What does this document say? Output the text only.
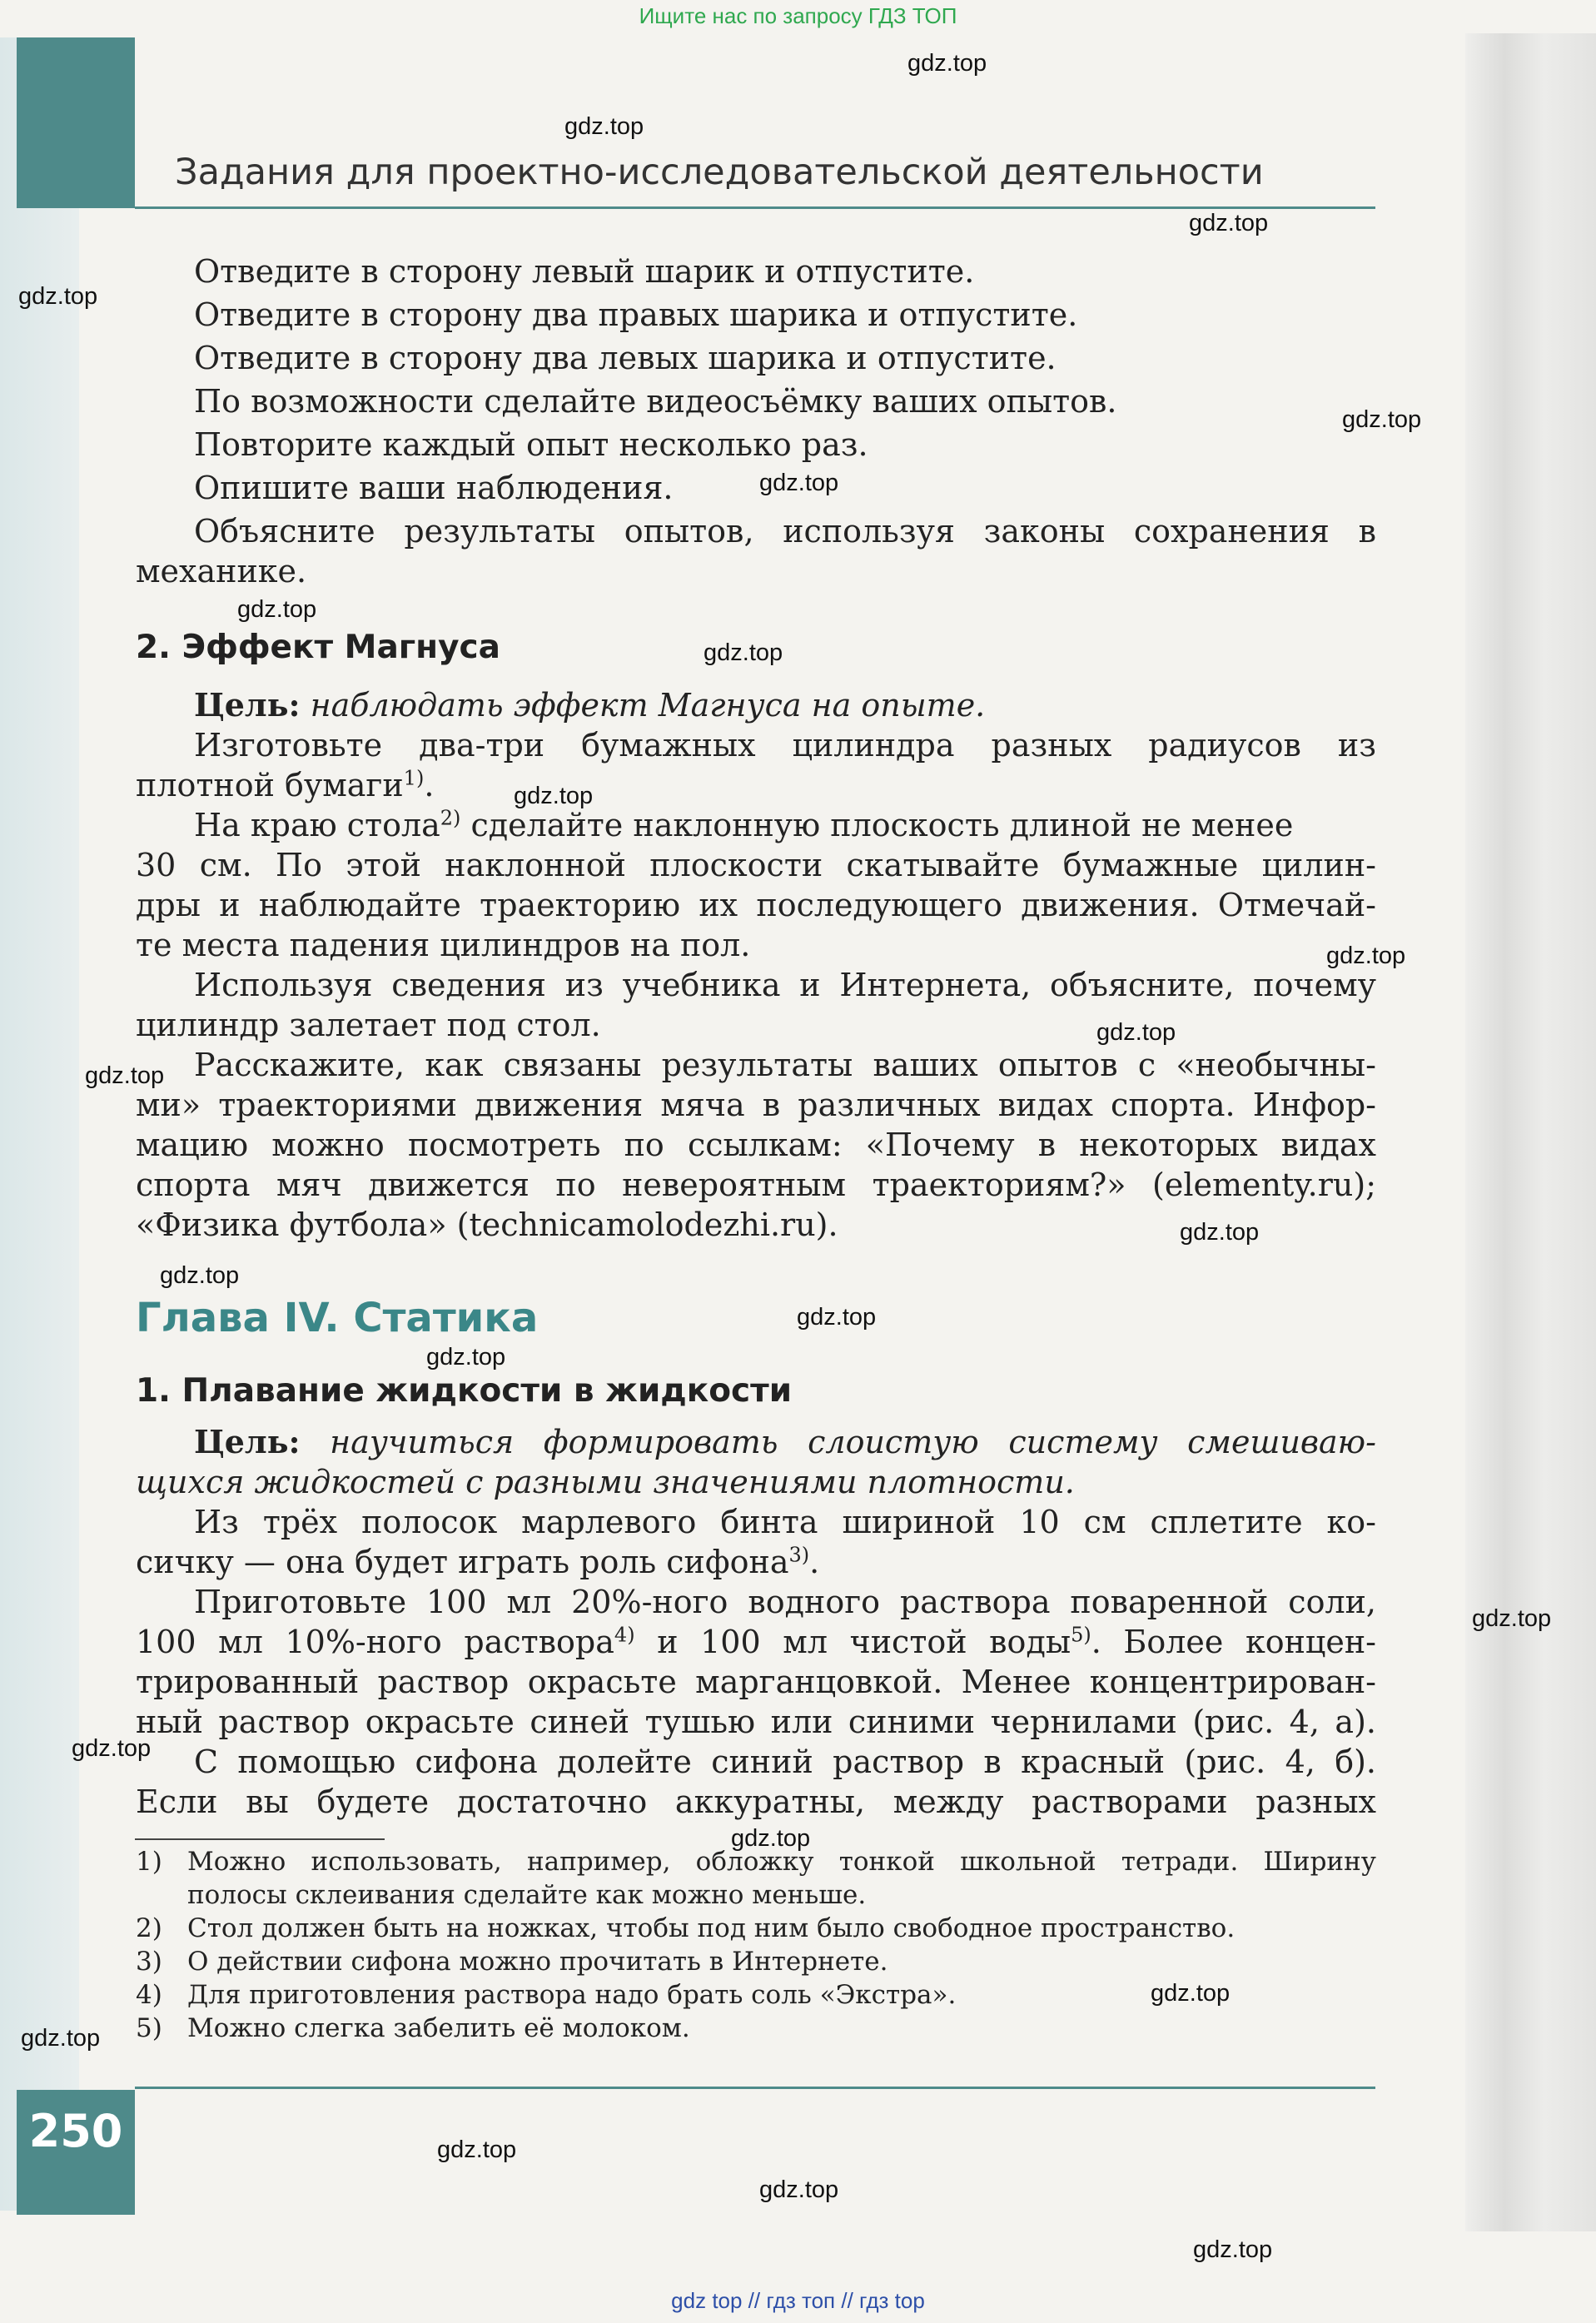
Ищите нас по запросу ГДЗ ТОП
Задания для проектно-исследовательской деятельности
Отведите в сторону левый шарик и отпустите.
Отведите в сторону два правых шарика и отпустите.
Отведите в сторону два левых шарика и отпустите.
По возможности сделайте видеосъёмку ваших опытов.
Повторите каждый опыт несколько раз.
Опишите ваши наблюдения.
Объясните результаты опытов, используя законы сохранения в
механике.
2. Эффект Магнуса
Цель: наблюдать эффект Магнуса на опыте.
Изготовьте два-три бумажных цилиндра разных радиусов из
плотной бумаги$^{1)}$.
На краю стола$^{2)}$ сделайте наклонную плоскость длиной не менее
30 см. По этой наклонной плоскости скатывайте бумажные цилин-
дры и наблюдайте траекторию их последующего движения. Отмечай-
те места падения цилиндров на пол.
Используя сведения из учебника и Интернета, объясните, почему
цилиндр залетает под стол.
Расскажите, как связаны результаты ваших опытов с «необычны-
ми» траекториями движения мяча в различных видах спорта. Инфор-
мацию можно посмотреть по ссылкам: «Почему в некоторых видах
спорта мяч движется по невероятным траекториям?» (elementy.ru);
«Физика футбола» (technicamolodezhi.ru).
Глава IV. Статика
1. Плавание жидкости в жидкости
Цель: научиться формировать слоистую систему смешиваю-
щихся жидкостей с разными значениями плотности.
Из трёх полосок марлевого бинта шириной 10 см сплетите ко-
сичку — она будет играть роль сифона$^{3)}$.
Приготовьте 100 мл 20%-ного водного раствора поваренной соли,
100 мл 10%-ного раствора$^{4)}$ и 100 мл чистой воды$^{5)}$. Более концен-
трированный раствор окрасьте марганцовкой. Менее концентрирован-
ный раствор окрасьте синей тушью или синими чернилами (рис. 4, а).
С помощью сифона долейте синий раствор в красный (рис. 4, б).
Если вы будете достаточно аккуратны, между растворами разных
1) Можно использовать, например, обложку тонкой школьной тетради. Ширину
полосы склеивания сделайте как можно меньше.
2) Стол должен быть на ножках, чтобы под ним было свободное пространство.
3) О действии сифона можно прочитать в Интернете.
4) Для приготовления раствора надо брать соль «Экстра».
5) Можно слегка забелить её молоком.
250
gdz.top
gdz.top
gdz.top
gdz.top
gdz.top
gdz.top
gdz.top
gdz.top
gdz.top
gdz.top
gdz.top
gdz.top
gdz.top
gdz.top
gdz.top
gdz.top
gdz.top
gdz.top
gdz.top
gdz.top
gdz.top
gdz.top
gdz.top
gdz.top
gdz top // гдз топ // гдз top
